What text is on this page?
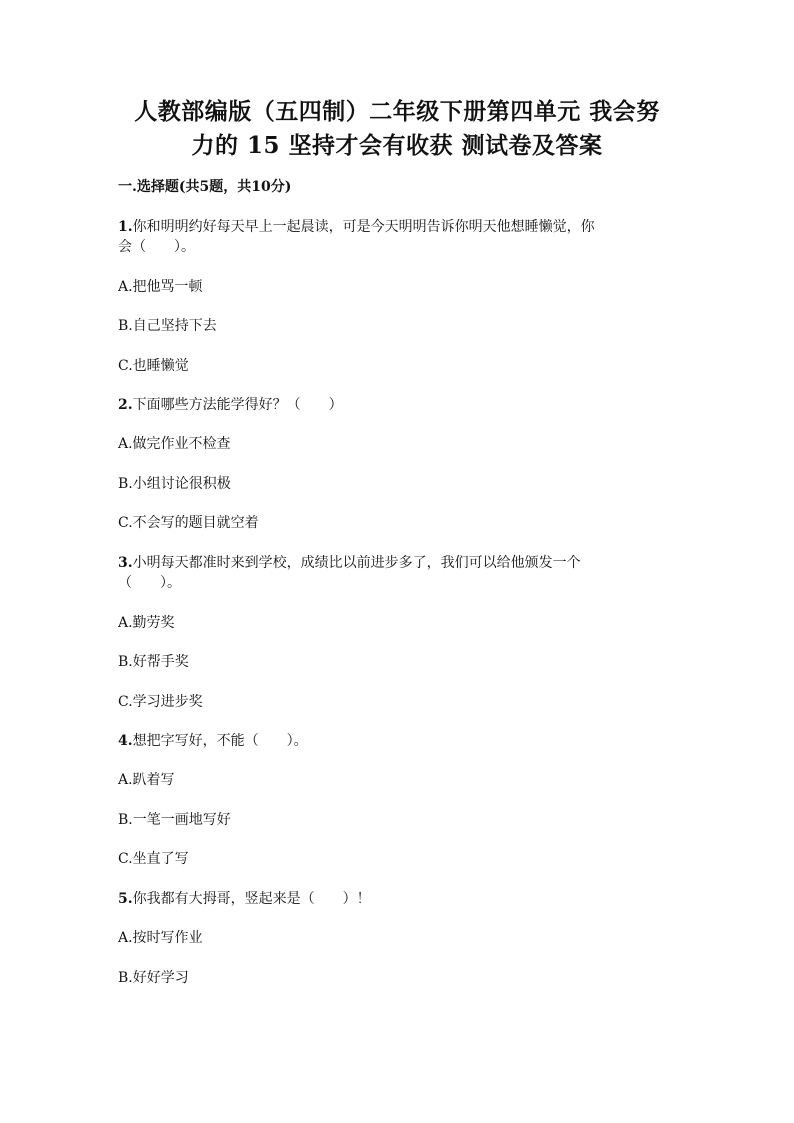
人教部编版（五四制）二年级下册第四单元 我会努
力的 15 坚持才会有收获 测试卷及答案
一.选择题(共5题，共10分)
1.你和明明约好每天早上一起晨读，可是今天明明告诉你明天他想睡懒觉，你
会（　　）。
A.把他骂一顿
B.自己坚持下去
C.也睡懒觉
2.下面哪些方法能学得好？（　　）
A.做完作业不检查
B.小组讨论很积极
C.不会写的题目就空着
3.小明每天都准时来到学校，成绩比以前进步多了，我们可以给他颁发一个
（　　）。
A.勤劳奖
B.好帮手奖
C.学习进步奖
4.想把字写好，不能（　　）。
A.趴着写
B.一笔一画地写好
C.坐直了写
5.你我都有大拇哥，竖起来是（　　）！
A.按时写作业
B.好好学习
